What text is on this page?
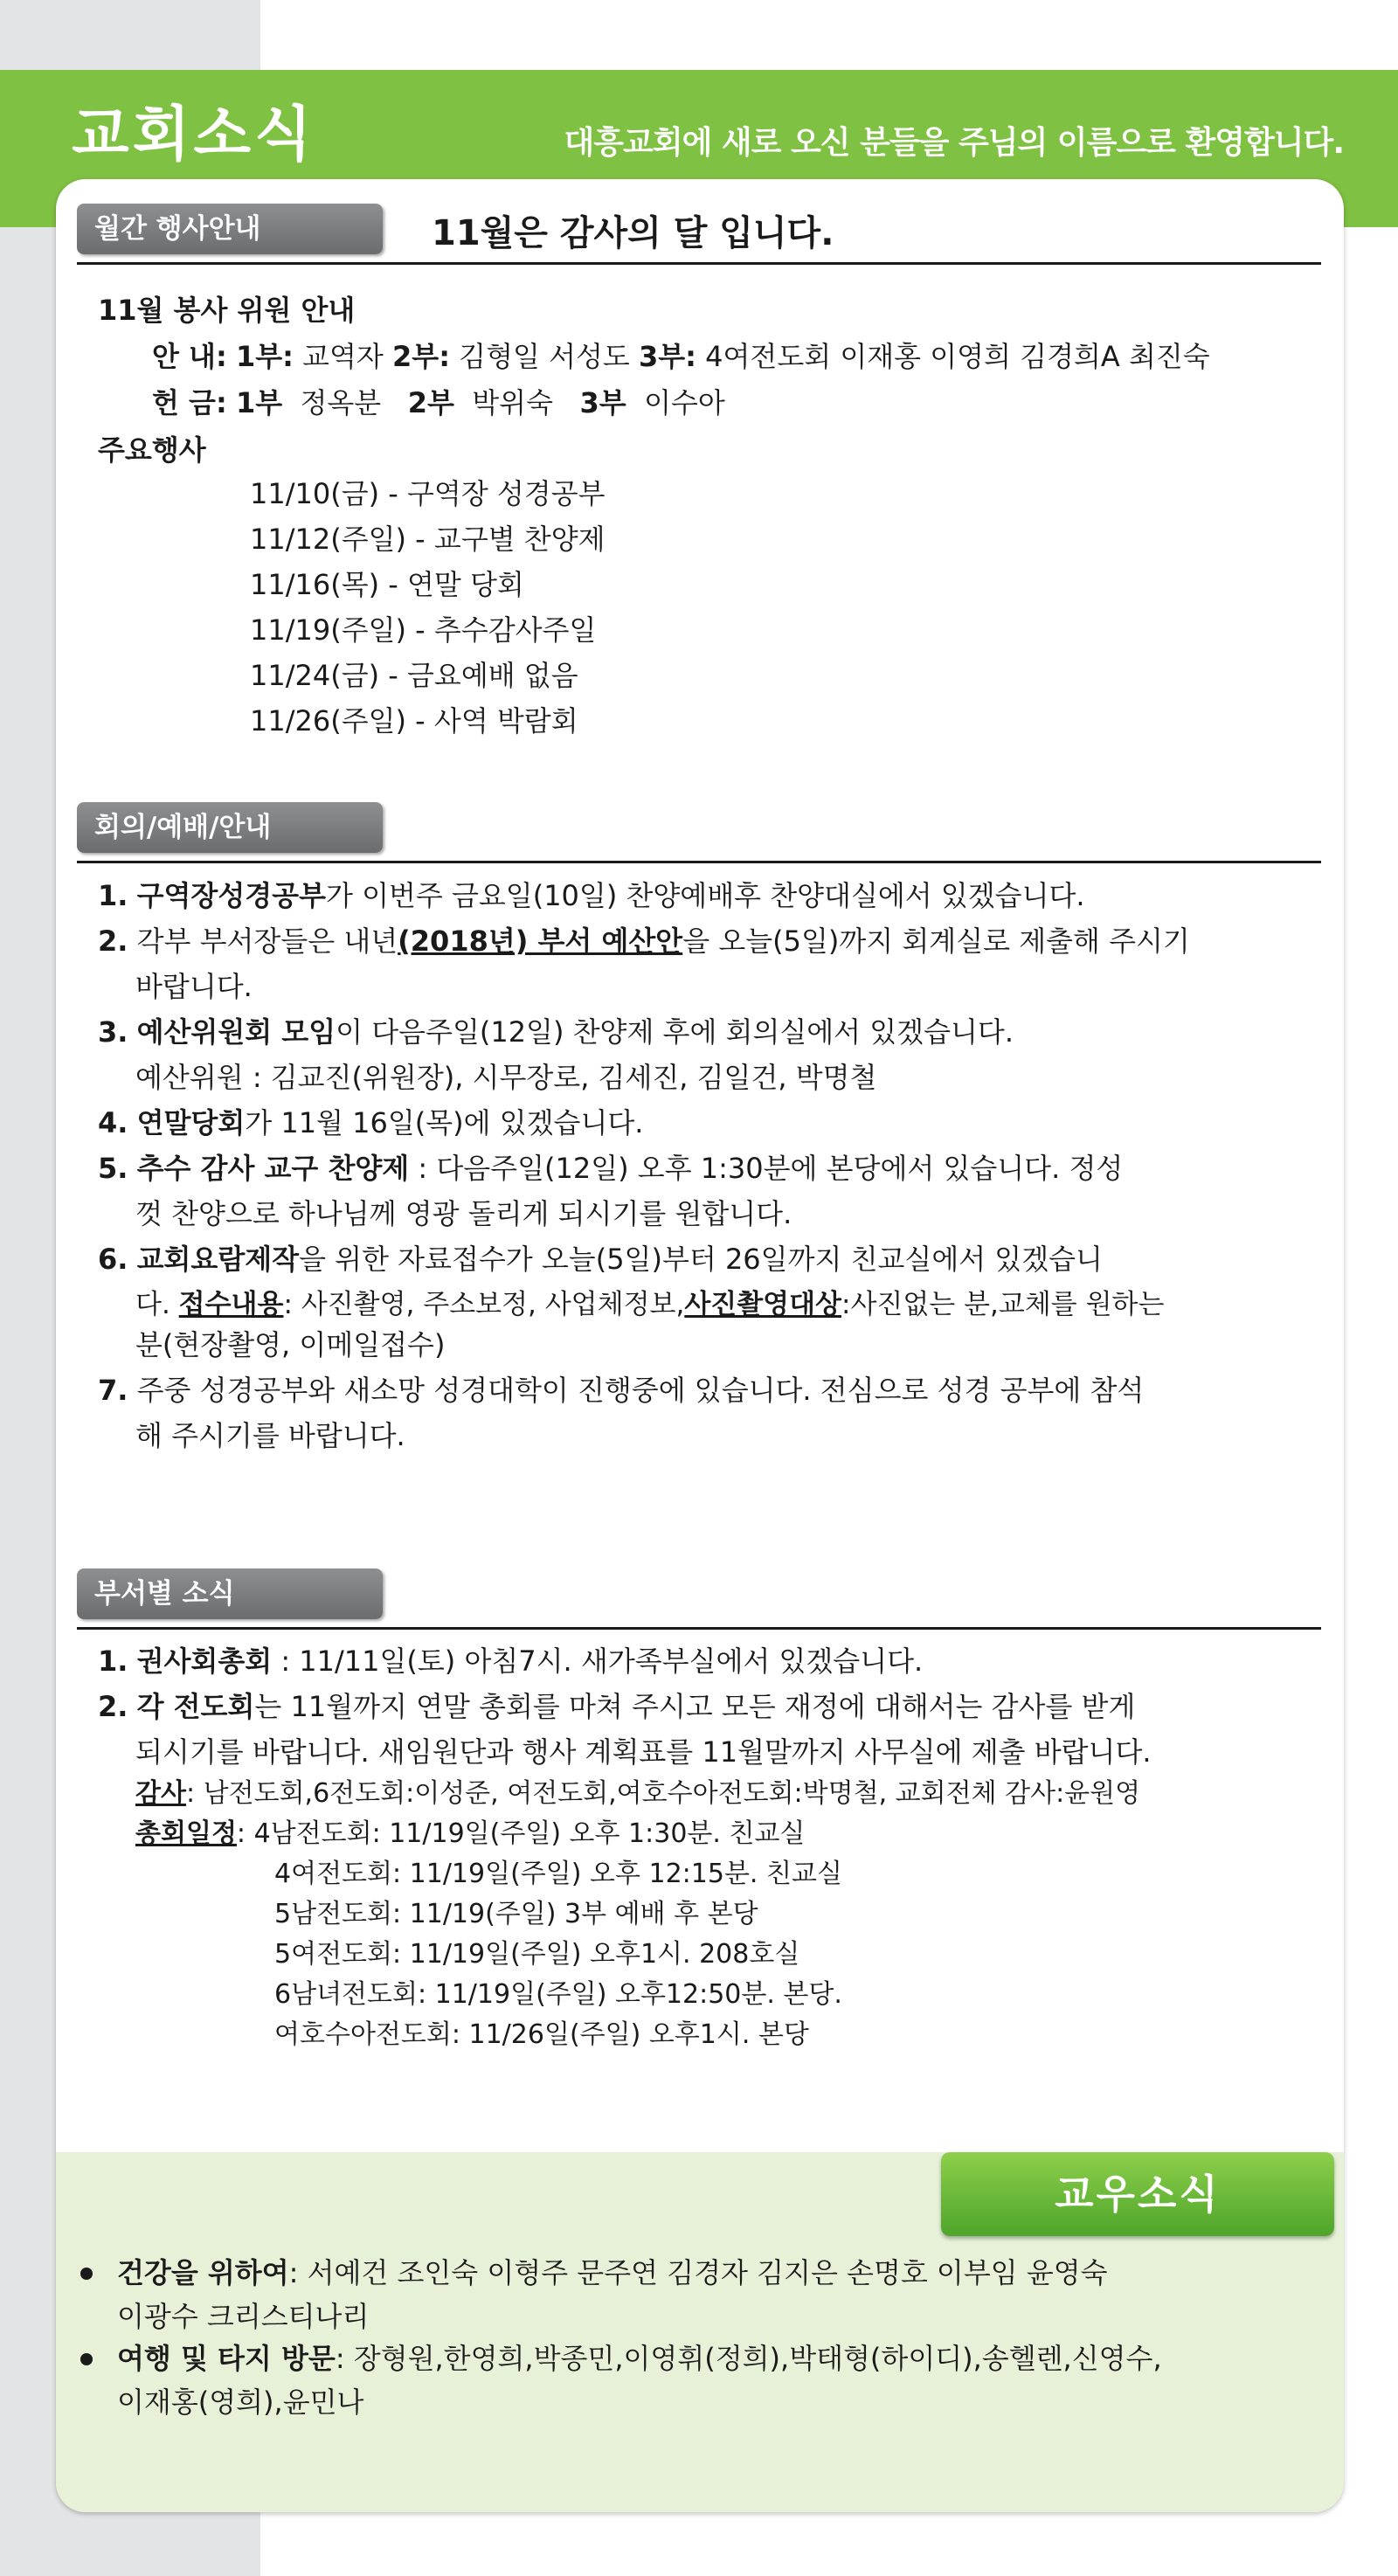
교회소식	대흥교회에 새로 오신 분들을 주님의 이름으로 환영합니다.
월간 행사안내	11월은 감사의 달 입니다.
11월 봉사 위원 안내
안 내: 1부: 교역자 2부: 김형일 서성도 3부: 4여전도회 이재홍 이영희 김경희A 최진숙
헌 금: 1부 정옥분 2부 박위숙 3부 이수아
주요행사
11/10(금) - 구역장 성경공부
11/12(주일) - 교구별 찬양제
11/16(목) - 연말 당회
11/19(주일) - 추수감사주일
11/24(금) - 금요예배 없음
11/26(주일) - 사역 박람회
회의/예배/안내
1. 구역장성경공부가 이번주 금요일(10일) 찬양예배후 찬양대실에서 있겠습니다.
2. 각부 부서장들은 내년(2018년) 부서 예산안을 오늘(5일)까지 회계실로 제출해 주시기
바랍니다.
3. 예산위원회 모임이 다음주일(12일) 찬양제 후에 회의실에서 있겠습니다.
예산위원 : 김교진(위원장), 시무장로, 김세진, 김일건, 박명철
4. 연말당회가 11월 16일(목)에 있겠습니다.
5. 추수 감사 교구 찬양제 : 다음주일(12일) 오후 1:30분에 본당에서 있습니다. 정성
껏 찬양으로 하나님께 영광 돌리게 되시기를 원합니다.
6. 교회요람제작을 위한 자료접수가 오늘(5일)부터 26일까지 친교실에서 있겠습니
다. 접수내용: 사진촬영, 주소보정, 사업체정보,사진촬영대상:사진없는 분,교체를 원하는
분(현장촬영, 이메일접수)
7. 주중 성경공부와 새소망 성경대학이 진행중에 있습니다. 전심으로 성경 공부에 참석
해 주시기를 바랍니다.
부서별 소식
1. 권사회총회 : 11/11일(토) 아침7시. 새가족부실에서 있겠습니다.
2. 각 전도회는 11월까지 연말 총회를 마쳐 주시고 모든 재정에 대해서는 감사를 받게
되시기를 바랍니다. 새임원단과 행사 계획표를 11월말까지 사무실에 제출 바랍니다.
감사: 남전도회,6전도회:이성준, 여전도회,여호수아전도회:박명철, 교회전체 감사:윤원영
총회일정: 4남전도회: 11/19일(주일) 오후 1:30분. 친교실
4여전도회: 11/19일(주일) 오후 12:15분. 친교실
5남전도회: 11/19(주일) 3부 예배 후 본당
5여전도회: 11/19일(주일) 오후1시. 208호실
6남녀전도회: 11/19일(주일) 오후12:50분. 본당.
여호수아전도회: 11/26일(주일) 오후1시. 본당
교우소식
건강을 위하여: 서예건 조인숙 이형주 문주연 김경자 김지은 손명호 이부임 윤영숙
이광수 크리스티나리
여행 및 타지 방문: 장형원,한영희,박종민,이영휘(정희),박태형(하이디),송헬렌,신영수,
이재홍(영희),윤민나
